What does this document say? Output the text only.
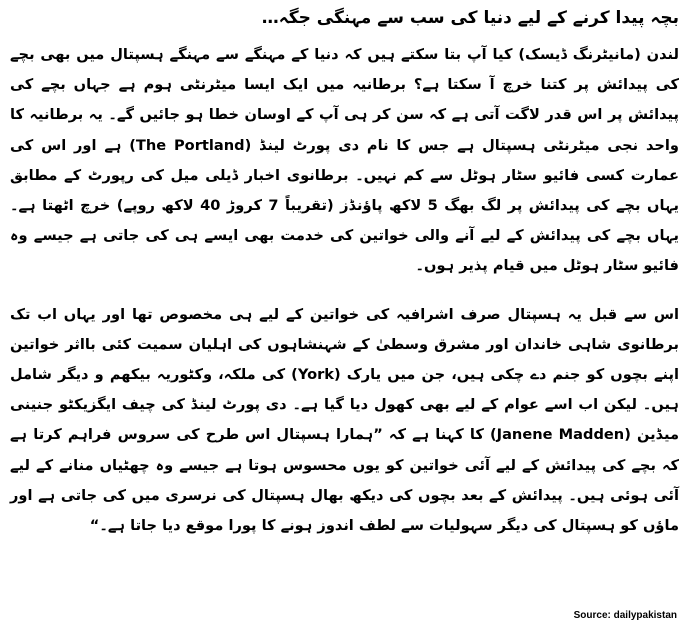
بچہ پیدا کرنے کے لیے دنیا کی سب سے مہنگی جگہ…

لندن (مانیٹرنگ ڈیسک) کیا آپ بتا سکتے ہیں کہ دنیا کے مہنگے سے مہنگے ہسپتال میں بھی بچے کی پیدائش پر کتنا خرچ آ سکتا ہے؟ برطانیہ میں ایک ایسا میٹرنٹی ہوم ہے جہاں بچے کی پیدائش پر اس قدر لاگت آتی ہے کہ سن کر ہی آپ کے اوسان خطا ہو جائیں گے۔ یہ برطانیہ کا واحد نجی میٹرنٹی ہسپتال ہے جس کا نام دی پورٹ لینڈ (The Portland) ہے اور اس کی عمارت کسی فائیو سٹار ہوٹل سے کم نہیں۔ برطانوی اخبار ڈیلی میل کی رپورٹ کے مطابق یہاں بچے کی پیدائش پر لگ بھگ 5 لاکھ پاؤنڈز (تقریباً 7 کروڑ 40 لاکھ روپے) خرچ اٹھتا ہے۔ یہاں بچے کی پیدائش کے لیے آنے والی خواتین کی خدمت بھی ایسے ہی کی جاتی ہے جیسے وہ فائیو سٹار ہوٹل میں قیام پذیر ہوں۔

اس سے قبل یہ ہسپتال صرف اشرافیہ کی خواتین کے لیے ہی مخصوص تھا اور یہاں اب تک برطانوی شاہی خاندان اور مشرق وسطیٰ کے شہنشاہوں کی اہلیان سمیت کئی بااثر خواتین اپنے بچوں کو جنم دے چکی ہیں، جن میں یارک (York) کی ملکہ، وکٹوریہ بیکھم و دیگر شامل ہیں۔ لیکن اب اسے عوام کے لیے بھی کھول دیا گیا ہے۔ دی پورٹ لینڈ کی چیف ایگزیکٹو جنینی میڈین (Janene Madden) کا کہنا ہے کہ ”ہمارا ہسپتال اس طرح کی سروس فراہم کرتا ہے کہ بچے کی پیدائش کے لیے آئی خواتین کو یوں محسوس ہوتا ہے جیسے وہ چھٹیاں منانے کے لیے آئی ہوئی ہیں۔ پیدائش کے بعد بچوں کی دیکھ بھال ہسپتال کی نرسری میں کی جاتی ہے اور ماؤں کو ہسپتال کی دیگر سہولیات سے لطف اندوز ہونے کا پورا موقع دیا جاتا ہے۔“

Source: dailypakistan
